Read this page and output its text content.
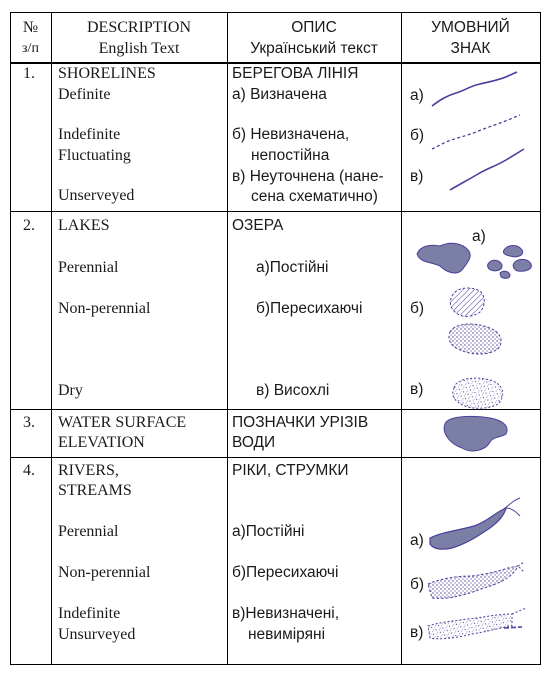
№
з/п
DESCRIPTION
English Text
ОПИС
Український текст
УМОВНИЙ
ЗНАК
1. SHORELINES
Definite
Indefinite
Fluctuating
Unserveyed
БЕРЕГОВА ЛІНІЯ
а) Визначена
б) Невизначена,
непостійна
в) Неуточнена (нане-
сена схематично)
а)
б)
в)
2. LAKES
Perennial
Non-perennial
Dry
ОЗЕРА
а)Постійні
б)Пересихаючі
в) Висохлі
а)
б)
в)
3. WATER SURFACE
ELEVATION
ПОЗНАЧКИ УРІЗІВ
ВОДИ
4. RIVERS,
STREAMS
Perennial
Non-perennial
Indefinite
Unsurveyed
РІКИ, СТРУМКИ
а)Постійні
б)Пересихаючі
в)Невизначені,
невиміряні
а)
б)
в)
